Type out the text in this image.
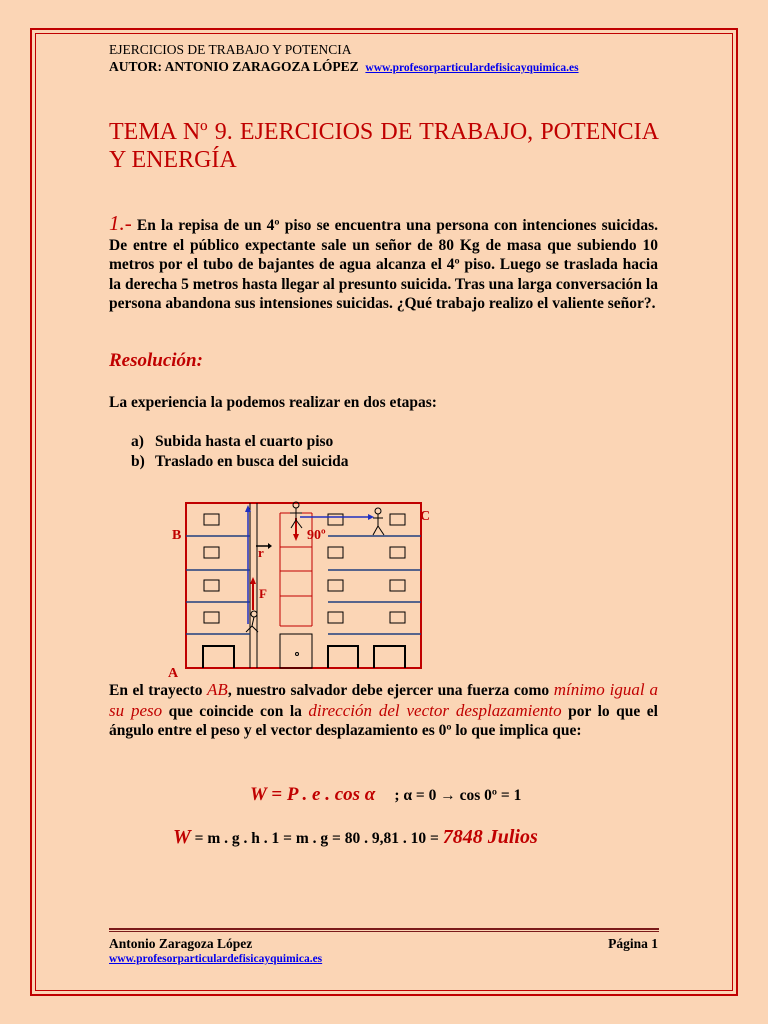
EJERCICIOS DE TRABAJO Y POTENCIA
AUTOR: ANTONIO ZARAGOZA LÓPEZ www.profesorparticulardefisicayquimica.es
TEMA Nº 9. EJERCICIOS DE TRABAJO, POTENCIA Y ENERGÍA
1.- En la repisa de un 4º piso se encuentra una persona con intenciones suicidas. De entre el público expectante sale un señor de 80 Kg de masa que subiendo 10 metros por el tubo de bajantes de agua alcanza el 4º piso. Luego se traslada hacia la derecha 5 metros hasta llegar al presunto suicida. Tras una larga conversación la persona abandona sus intensiones suicidas. ¿Qué trabajo realizo el valiente señor?.
Resolución:
La experiencia la podemos realizar en dos etapas:
a) Subida hasta el cuarto piso
b) Traslado en busca del suicida
B
C
A
90º
F
r
En el trayecto AB, nuestro salvador debe ejercer una fuerza como mínimo igual a su peso que coincide con la dirección del vector desplazamiento por lo que el ángulo entre el peso y el vector desplazamiento es 0º lo que implica que:
W = P . e . cos α ; α = 0 → cos 0º = 1
W = m . g . h . 1 = m . g = 80 . 9,81 . 10 = 7848 Julios
Antonio Zaragoza López	Página 1
www.profesorparticulardefisicayquimica.es
